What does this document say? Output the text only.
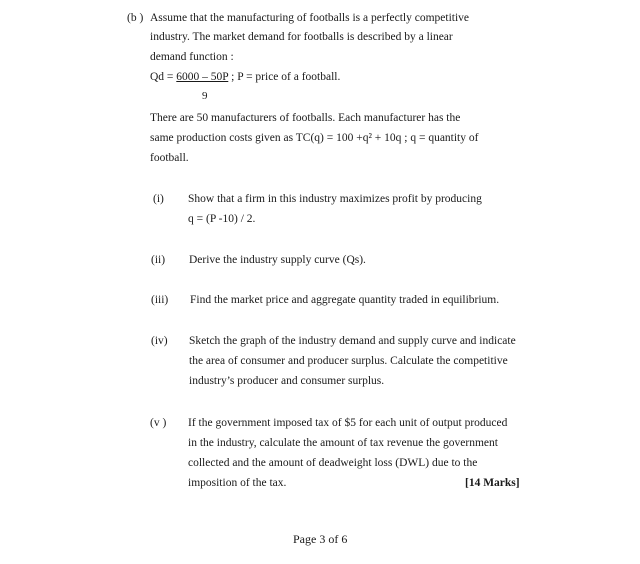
(b ) Assume that the manufacturing of footballs is a perfectly competitive
industry. The market demand for footballs is described by a linear
demand function :
Qd = 6000 – 50P ; P = price of a football.
9
There are 50 manufacturers of footballs. Each manufacturer has the
same production costs given as TC(q) = 100 +q² + 10q ; q = quantity of
football.
(i) Show that a firm in this industry maximizes profit by producing
q = (P -10) / 2.
(ii) Derive the industry supply curve (Qs).
(iii) Find the market price and aggregate quantity traded in equilibrium.
(iv) Sketch the graph of the industry demand and supply curve and indicate
the area of consumer and producer surplus. Calculate the competitive
industry’s producer and consumer surplus.
(v ) If the government imposed tax of $5 for each unit of output produced
in the industry, calculate the amount of tax revenue the government
collected and the amount of deadweight loss (DWL) due to the
imposition of the tax.	[14 Marks]
Page 3 of 6
